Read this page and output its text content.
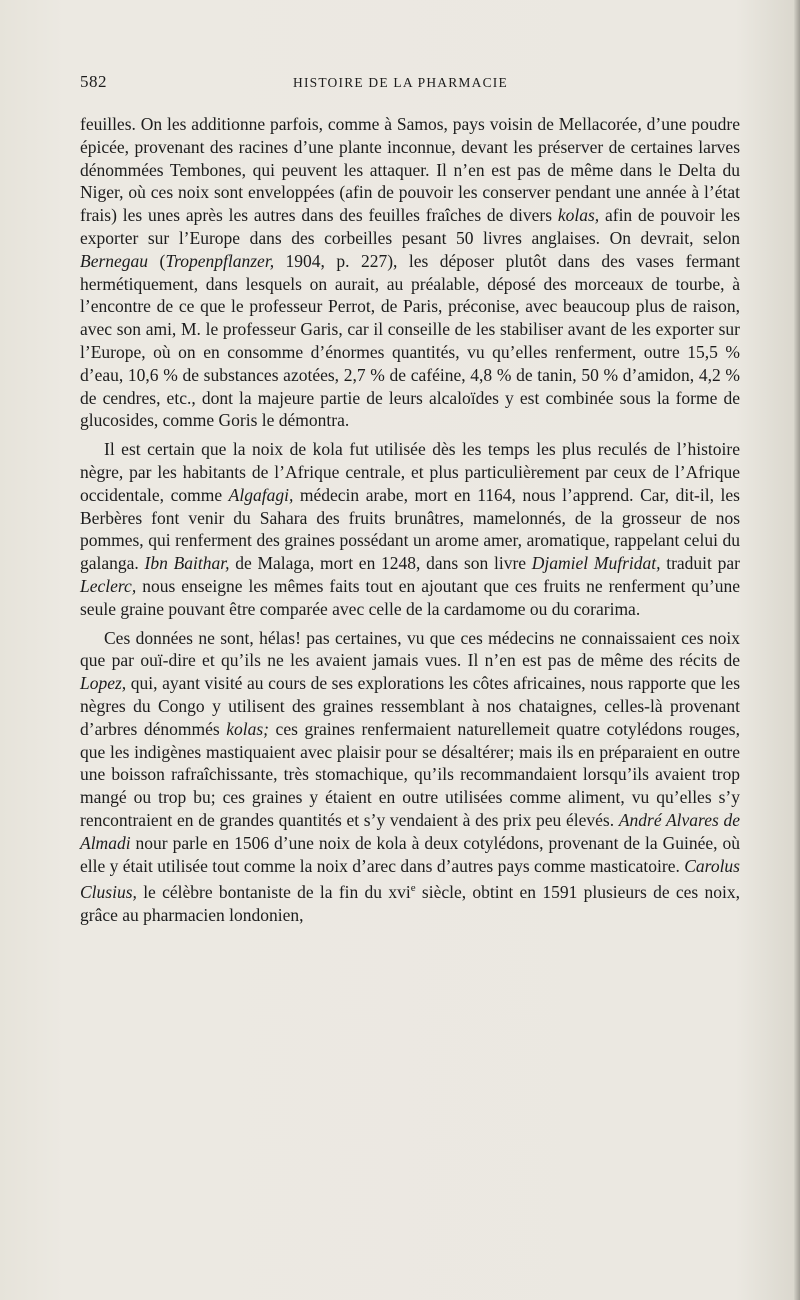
582	HISTOIRE DE LA PHARMACIE

feuilles. On les additionne parfois, comme à Samos, pays voisin de Mellacorée, d’une poudre épicée, provenant des racines d’une plante inconnue, devant les préserver de certaines larves dénommées Tembones, qui peuvent les attaquer. Il n’en est pas de même dans le Delta du Niger, où ces noix sont enveloppées (afin de pouvoir les conserver pendant une année à l’état frais) les unes après les autres dans des feuilles fraîches de divers kolas, afin de pouvoir les exporter sur l’Europe dans des corbeilles pesant 50 livres anglaises. On devrait, selon Bernegau (Tropenpflanzer, 1904, p. 227), les déposer plutôt dans des vases fermant hermétiquement, dans lesquels on aurait, au préalable, déposé des morceaux de tourbe, à l’encontre de ce que le professeur Perrot, de Paris, préconise, avec beaucoup plus de raison, avec son ami, M. le professeur Garis, car il conseille de les stabiliser avant de les exporter sur l’Europe, où on en consomme d’énormes quantités, vu qu’elles renferment, outre 15,5 % d’eau, 10,6 % de substances azotées, 2,7 % de caféine, 4,8 % de tanin, 50 % d’amidon, 4,2 % de cendres, etc., dont la majeure partie de leurs alcaloïdes y est combinée sous la forme de glucosides, comme Goris le démontra.

Il est certain que la noix de kola fut utilisée dès les temps les plus reculés de l’histoire nègre, par les habitants de l’Afrique centrale, et plus particulièrement par ceux de l’Afrique occidentale, comme Algafagi, médecin arabe, mort en 1164, nous l’apprend. Car, dit-il, les Berbères font venir du Sahara des fruits brunâtres, mamelonnés, de la grosseur de nos pommes, qui renferment des graines possédant un arome amer, aromatique, rappelant celui du galanga. Ibn Baithar, de Malaga, mort en 1248, dans son livre Djamiel Mufridat, traduit par Leclerc, nous enseigne les mêmes faits tout en ajoutant que ces fruits ne renferment qu’une seule graine pouvant être comparée avec celle de la cardamome ou du corarima.

Ces données ne sont, hélas! pas certaines, vu que ces médecins ne connaissaient ces noix que par ouï-dire et qu’ils ne les avaient jamais vues. Il n’en est pas de même des récits de Lopez, qui, ayant visité au cours de ses explorations les côtes africaines, nous rapporte que les nègres du Congo y utilisent des graines ressemblant à nos chataignes, celles-là provenant d’arbres dénommés kolas; ces graines renfermaient naturellemeit quatre cotylédons rouges, que les indigènes mastiquaient avec plaisir pour se désaltérer; mais ils en préparaient en outre une boisson rafraîchissante, très stomachique, qu’ils recommandaient lorsqu’ils avaient trop mangé ou trop bu; ces graines y étaient en outre utilisées comme aliment, vu qu’elles s’y rencontraient en de grandes quantités et s’y vendaient à des prix peu élevés. André Alvares de Almadi nour parle en 1506 d’une noix de kola à deux cotylédons, provenant de la Guinée, où elle y était utilisée tout comme la noix d’arec dans d’autres pays comme masticatoire. Carolus Clusius, le célèbre bontaniste de la fin du xvi$^e$ siècle, obtint en 1591 plusieurs de ces noix, grâce au pharmacien londonien,
